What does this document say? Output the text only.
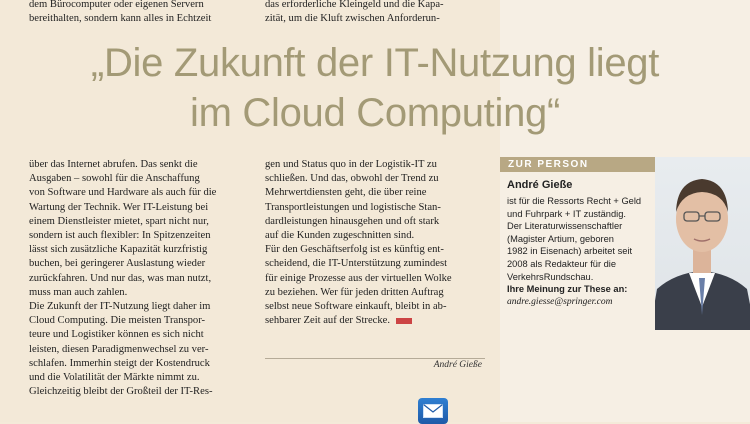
dem Bürocomputer oder eigenen Servern

bereithalten, sondern kann alles in Echtzeit

das erforderliche Kleingeld und die Kapa-

zität, um die Kluft zwischen Anforderun-

„Die Zukunft der IT-Nutzung liegt
im Cloud Computing“

über das Internet abrufen. Das senkt die

Ausgaben – sowohl für die Anschaffung

von Software und Hardware als auch für die

Wartung der Technik. Wer IT-Leistung bei

einem Dienstleister mietet, spart nicht nur,

sondern ist auch flexibler: In Spitzenzeiten

lässt sich zusätzliche Kapazität kurzfristig

buchen, bei geringerer Auslastung wieder

zurückfahren. Und nur das, was man nutzt,

muss man auch zahlen.

Die Zukunft der IT-Nutzung liegt daher im

Cloud Computing. Die meisten Transpor-

teure und Logistiker können es sich nicht

leisten, diesen Paradigmenwechsel zu ver-

schlafen. Immerhin steigt der Kostendruck

und die Volatilität der Märkte nimmt zu.

Gleichzeitig bleibt der Großteil der IT-Res-

gen und Status quo in der Logistik-IT zu

schließen. Und das, obwohl der Trend zu

Mehrwertdiensten geht, die über reine

Transportleistungen und logistische Stan-

dardleistungen hinausgehen und oft stark

auf die Kunden zugeschnitten sind.

Für den Geschäftserfolg ist es künftig ent-

scheidend, die IT-Unterstützung zumindest

für einige Prozesse aus der virtuellen Wolke

zu beziehen. Wer für jeden dritten Auftrag

selbst neue Software einkauft, bleibt in ab-

sehbarer Zeit auf der Strecke.

André Gieße
ZUR PERSON
André Gieße
ist für die Ressorts Recht + Geld
und Fuhrpark + IT zuständig.
Der Literaturwissenschaftler
(Magister Artium, geboren
1982 in Eisenach) arbeitet seit
2008 als Redakteur für die
VerkehrsRundschau.
Ihre Meinung zur These an:
andre.giesse@springer.com
